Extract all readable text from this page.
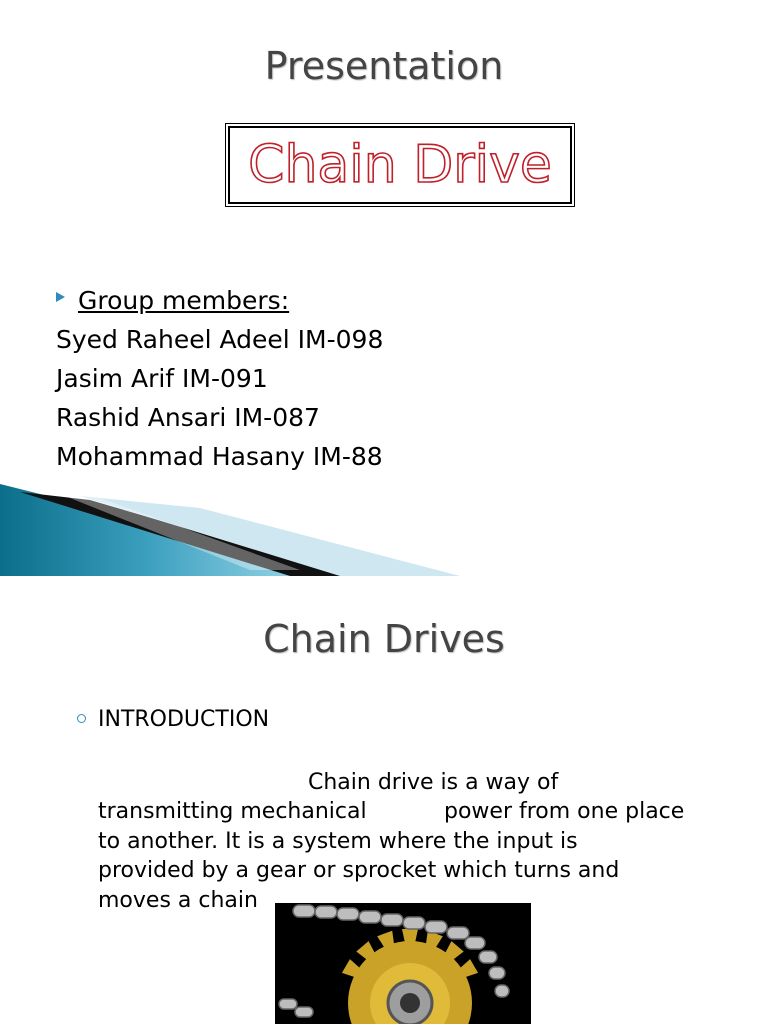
Presentation
Chain Drive
Group members:
Syed Raheel Adeel IM-098
Jasim Arif IM-091
Rashid Ansari IM-087
Mohammad Hasany IM-88
Chain Drives
INTRODUCTION
Chain drive is a way of
transmitting mechanical	power from one place
to another. It is a system where the input is
provided by a gear or sprocket which turns and
moves a chain
